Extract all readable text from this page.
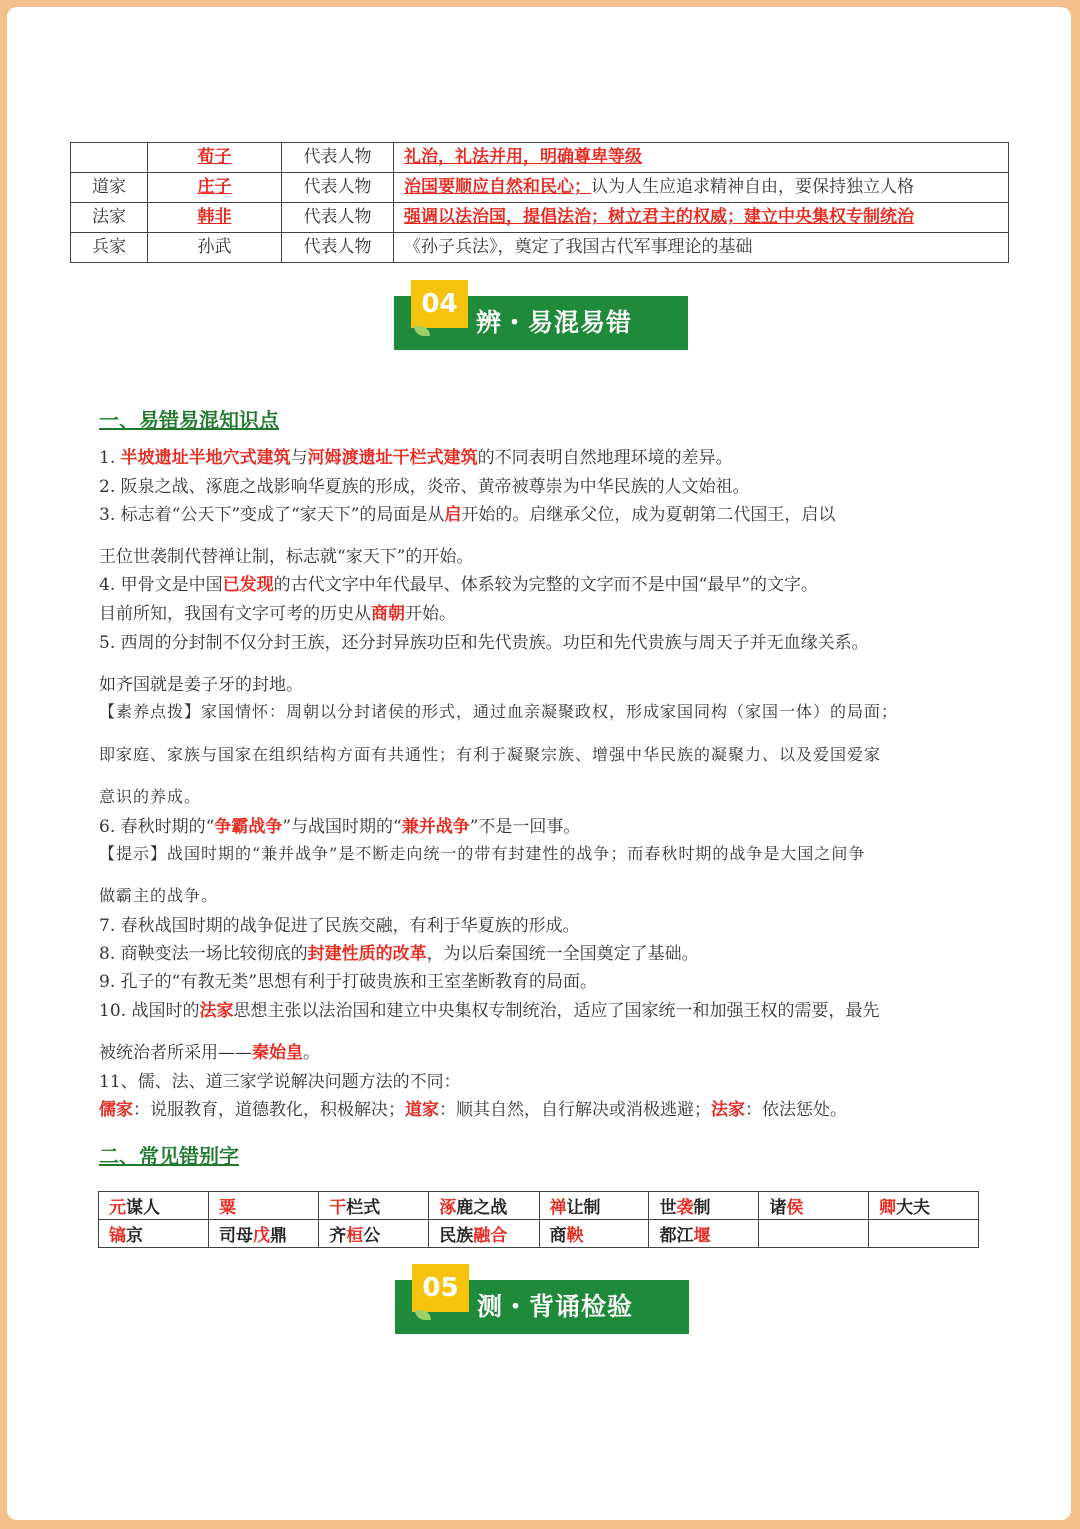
	荀子	代表人物	礼治，礼法并用，明确尊卑等级
道家	庄子	代表人物	治国要顺应自然和民心；认为人生应追求精神自由，要保持独立人格
法家	韩非	代表人物	强调以法治国，提倡法治；树立君主的权威；建立中央集权专制统治
兵家	孙武	代表人物	《孙子兵法》，奠定了我国古代军事理论的基础
04
辨・易混易错
一、易错易混知识点
1. 半坡遗址半地穴式建筑与河姆渡遗址干栏式建筑的不同表明自然地理环境的差异。
2. 阪泉之战、涿鹿之战影响华夏族的形成，炎帝、黄帝被尊崇为中华民族的人文始祖。
3. 标志着“公天下”变成了“家天下”的局面是从启开始的。启继承父位，成为夏朝第二代国王，启以
王位世袭制代替禅让制，标志就“家天下”的开始。
4. 甲骨文是中国已发现的古代文字中年代最早、体系较为完整的文字而不是中国“最早”的文字。
目前所知，我国有文字可考的历史从商朝开始。
5. 西周的分封制不仅分封王族，还分封异族功臣和先代贵族。功臣和先代贵族与周天子并无血缘关系。
如齐国就是姜子牙的封地。
【素养点拨】家国情怀：周朝以分封诸侯的形式，通过血亲凝聚政权，形成家国同构（家国一体）的局面；
即家庭、家族与国家在组织结构方面有共通性；有利于凝聚宗族、增强中华民族的凝聚力、以及爱国爱家
意识的养成。
6. 春秋时期的“争霸战争”与战国时期的“兼并战争”不是一回事。
【提示】战国时期的“兼并战争”是不断走向统一的带有封建性的战争；而春秋时期的战争是大国之间争
做霸主的战争。
7. 春秋战国时期的战争促进了民族交融，有利于华夏族的形成。
8. 商鞅变法一场比较彻底的封建性质的改革，为以后秦国统一全国奠定了基础。
9. 孔子的“有教无类”思想有利于打破贵族和王室垄断教育的局面。
10. 战国时的法家思想主张以法治国和建立中央集权专制统治，适应了国家统一和加强王权的需要，最先
被统治者所采用——秦始皇。
11、儒、法、道三家学说解决问题方法的不同：
儒家：说服教育，道德教化，积极解决；道家：顺其自然，自行解决或消极逃避；法家：依法惩处。
二、常见错别字
元谋人	粟	干栏式	涿鹿之战	禅让制	世袭制	诸侯	卿大夫
镐京	司母戊鼎	齐桓公	民族融合	商鞅	都江堰		
05
测・背诵检验
